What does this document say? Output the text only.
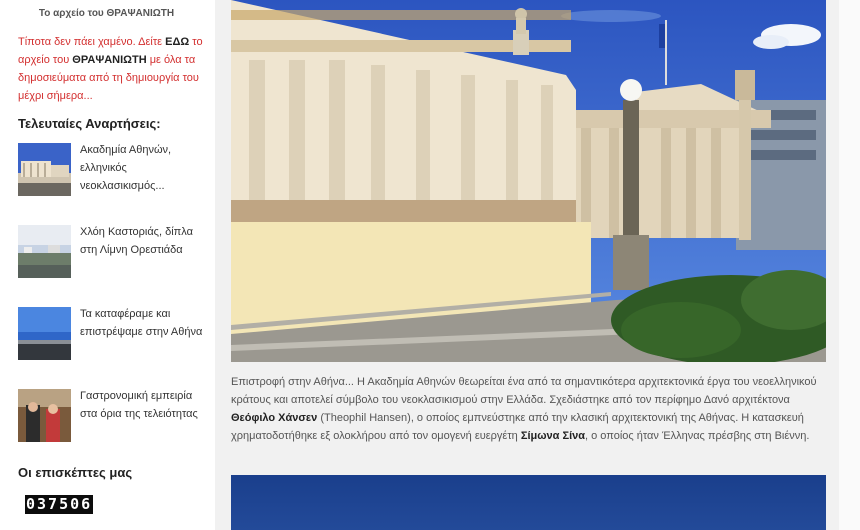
Το αρχείο του ΘΡΑΨΑΝΙΩΤΗ
Τίποτα δεν πάει χαμένο. Δείτε ΕΔΩ το αρχείο του ΘΡΑΨΑΝΙΩΤΗ με όλα τα δημοσιεύματα από τη δημιουργία του μέχρι σήμερα...
Τελευταίες Αναρτήσεις:
Ακαδημία Αθηνών, ελληνικός νεοκλασικισμός...
Χλόη Καστοριάς, δίπλα στη Λίμνη Ορεστιάδα
Τα καταφέραμε και επιστρέψαμε στην Αθήνα
Γαστρονομική εμπειρία στα όρια της τελειότητας
Οι επισκέπτες μας
037506
Επιστροφή στην Αθήνα... Η Ακαδημία Αθηνών θεωρείται ένα από τα σημαντικότερα αρχιτεκτονικά έργα του νεοελληνικού κράτους και αποτελεί σύμβολο του νεοκλασικισμού στην Ελλάδα. Σχεδιάστηκε από τον περίφημο Δανό αρχιτέκτονα Θεόφιλο Χάνσεν (Theophil Hansen), ο οποίος εμπνεύστηκε από την κλασική αρχιτεκτονική της Αθήνας. Η κατασκευή χρηματοδοτήθηκε εξ ολοκλήρου από τον ομογενή ευεργέτη Σίμωνα Σίνα, ο οποίος ήταν Έλληνας πρέσβης στη Βιέννη.
